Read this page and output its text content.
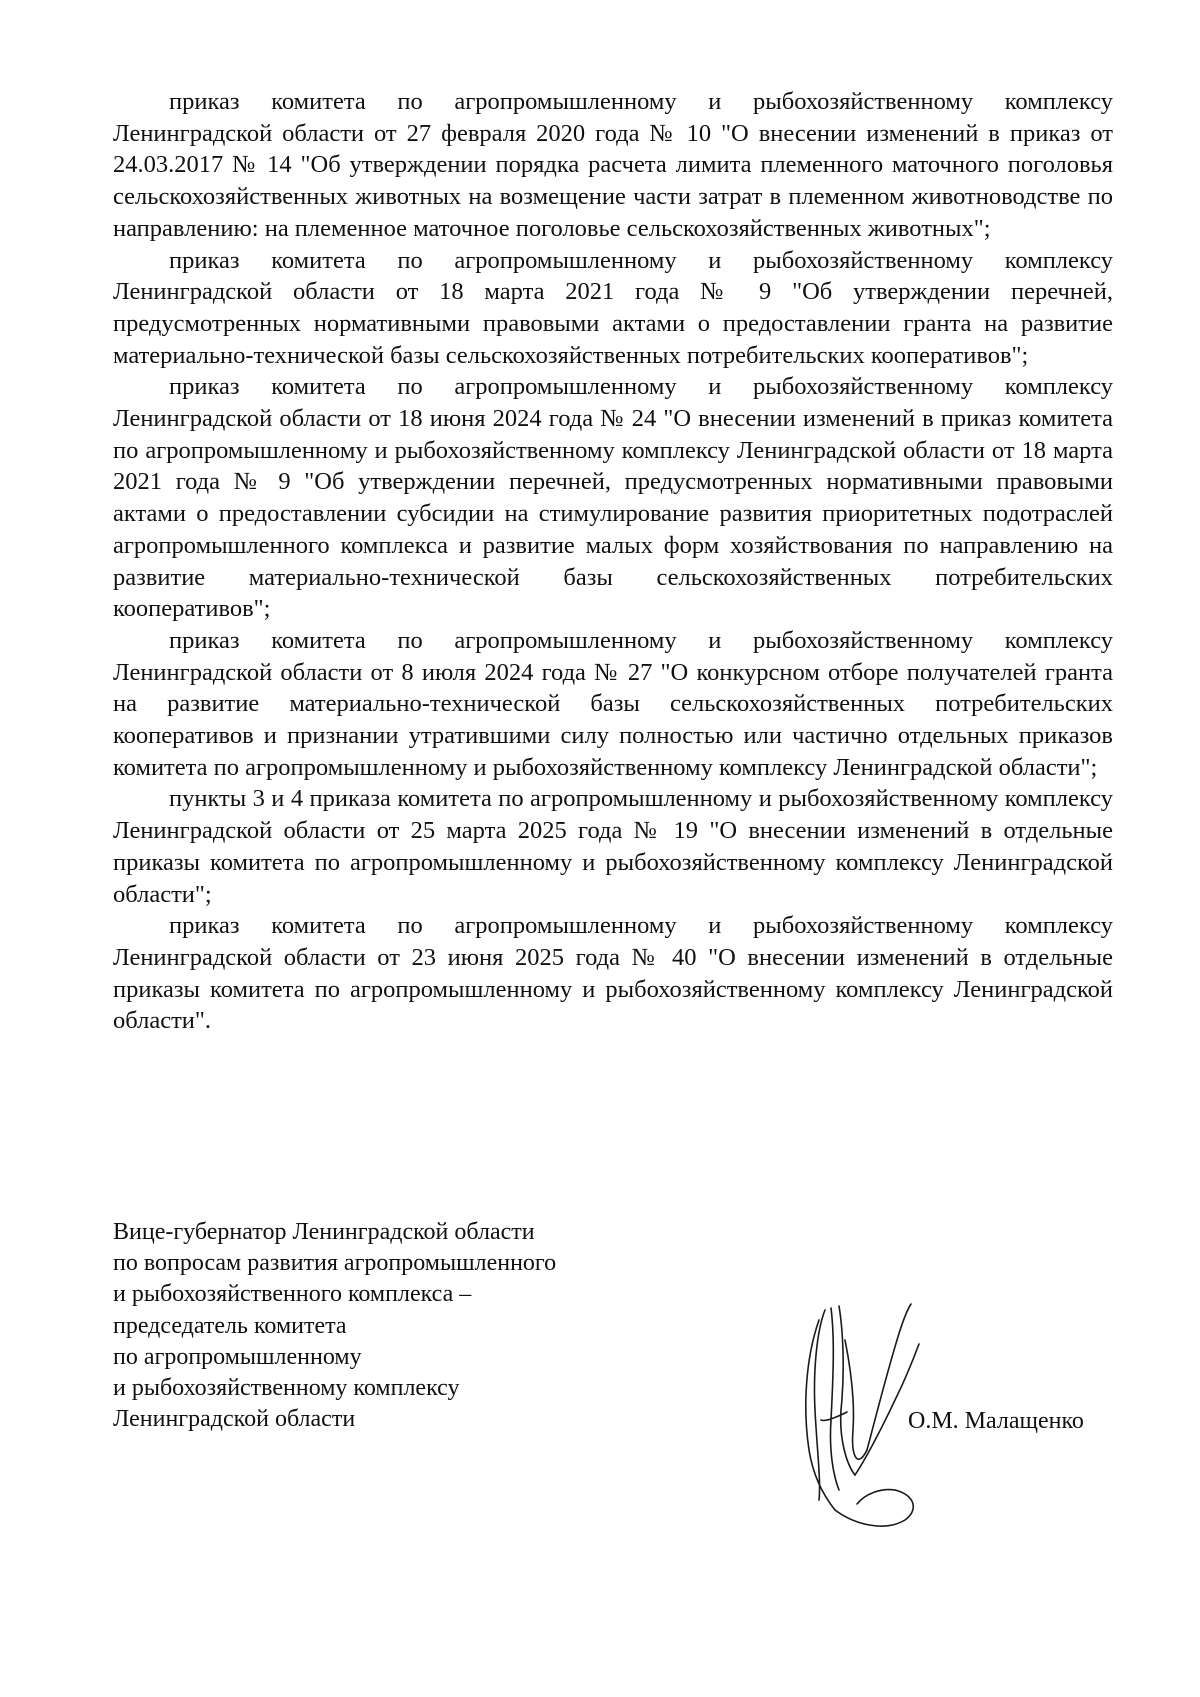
приказ комитета по агропромышленному и рыбохозяйственному комплексу Ленинградской области от 27 февраля 2020 года № 10 "О внесении изменений в приказ от 24.03.2017 № 14 "Об утверждении порядка расчета лимита племенного маточного поголовья сельскохозяйственных животных на возмещение части затрат в племенном животноводстве по направлению: на племенное маточное поголовье сельскохозяйственных животных";

приказ комитета по агропромышленному и рыбохозяйственному комплексу Ленинградской области от 18 марта 2021 года № 9 "Об утверждении перечней, предусмотренных нормативными правовыми актами о предоставлении гранта на развитие материально-технической базы сельскохозяйственных потребительских кооперативов";

приказ комитета по агропромышленному и рыбохозяйственному комплексу Ленинградской области от 18 июня 2024 года № 24 "О внесении изменений в приказ комитета по агропромышленному и рыбохозяйственному комплексу Ленинградской области от 18 марта 2021 года № 9 "Об утверждении перечней, предусмотренных нормативными правовыми актами о предоставлении субсидии на стимулирование развития приоритетных подотраслей агропромышленного комплекса и развитие малых форм хозяйствования по направлению на развитие материально-технической базы сельскохозяйственных потребительских кооперативов";

приказ комитета по агропромышленному и рыбохозяйственному комплексу Ленинградской области от 8 июля 2024 года № 27 "О конкурсном отборе получателей гранта на развитие материально-технической базы сельскохозяйственных потребительских кооперативов и признании утратившими силу полностью или частично отдельных приказов комитета по агропромышленному и рыбохозяйственному комплексу Ленинградской области";

пункты 3 и 4 приказа комитета по агропромышленному и рыбохозяйственному комплексу Ленинградской области от 25 марта 2025 года № 19 "О внесении изменений в отдельные приказы комитета по агропромышленному и рыбохозяйственному комплексу Ленинградской области";

приказ комитета по агропромышленному и рыбохозяйственному комплексу Ленинградской области от 23 июня 2025 года № 40 "О внесении изменений в отдельные приказы комитета по агропромышленному и рыбохозяйственному комплексу Ленинградской области".

Вице-губернатор Ленинградской области
по вопросам развития агропромышленного
и рыбохозяйственного комплекса –
председатель комитета
по агропромышленному
и рыбохозяйственному комплексу
Ленинградской области	О.М. Малащенко
